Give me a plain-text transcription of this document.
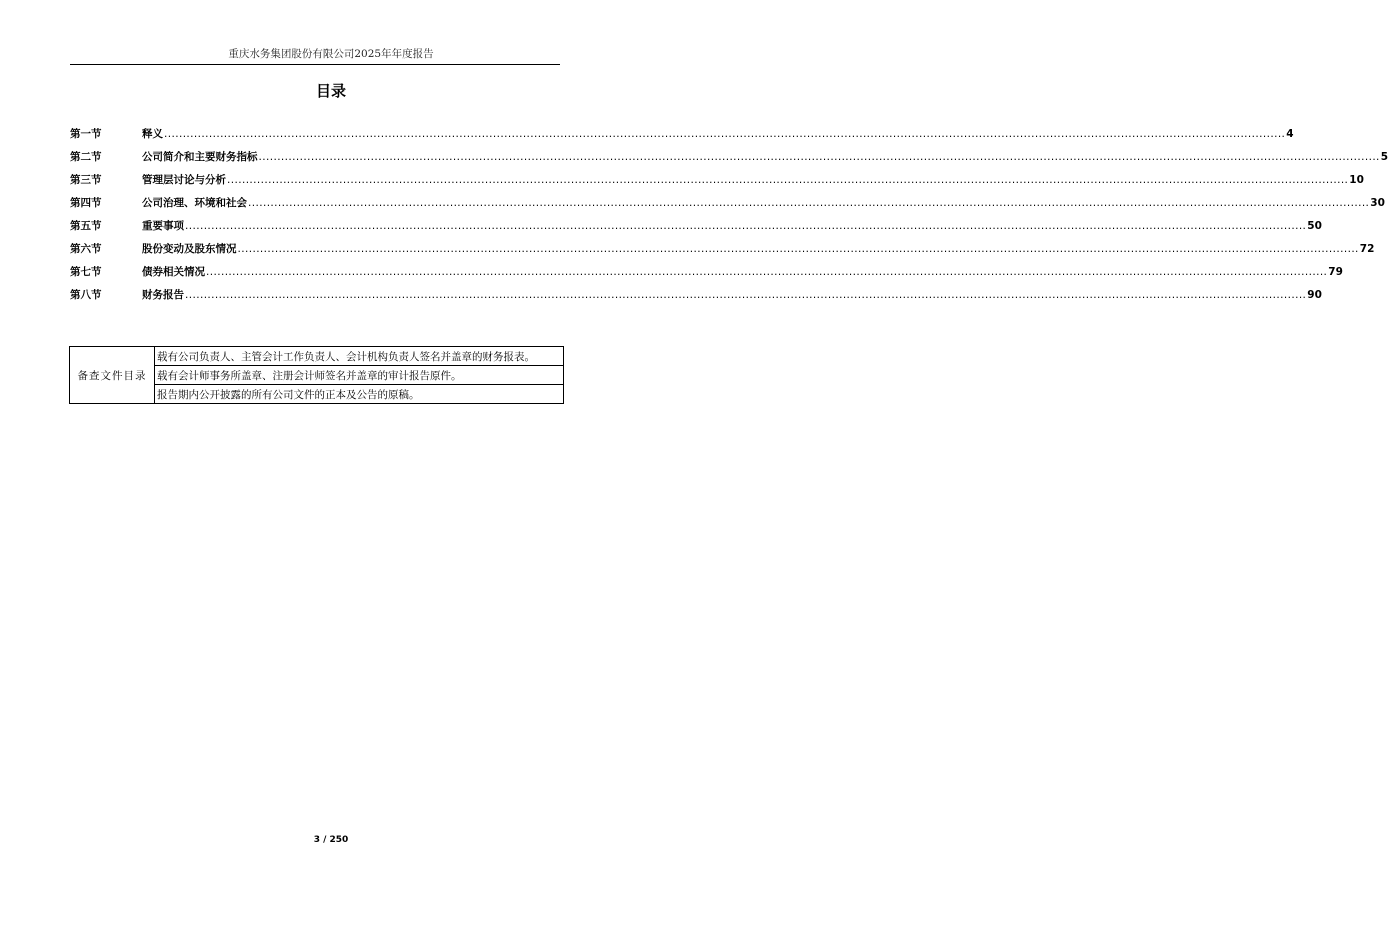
重庆水务集团股份有限公司2025年年度报告
目录
第一节	释义 ............................................................................................................................................................................................................................................................................................................ 4
第二节	公司简介和主要财务指标 ............................................................................................................................................................................................................................................................................................................ 5
第三节	管理层讨论与分析 ............................................................................................................................................................................................................................................................................................................ 10
第四节	公司治理、环境和社会 ............................................................................................................................................................................................................................................................................................................ 30
第五节	重要事项 ............................................................................................................................................................................................................................................................................................................ 50
第六节	股份变动及股东情况 ............................................................................................................................................................................................................................................................................................................ 72
第七节	债券相关情况 ............................................................................................................................................................................................................................................................................................................ 79
第八节	财务报告 ............................................................................................................................................................................................................................................................................................................ 90
备查文件目录	载有公司负责人、主管会计工作负责人、会计机构负责人签名并盖章的财务报表。
载有会计师事务所盖章、注册会计师签名并盖章的审计报告原件。
报告期内公开披露的所有公司文件的正本及公告的原稿。
3 / 250
